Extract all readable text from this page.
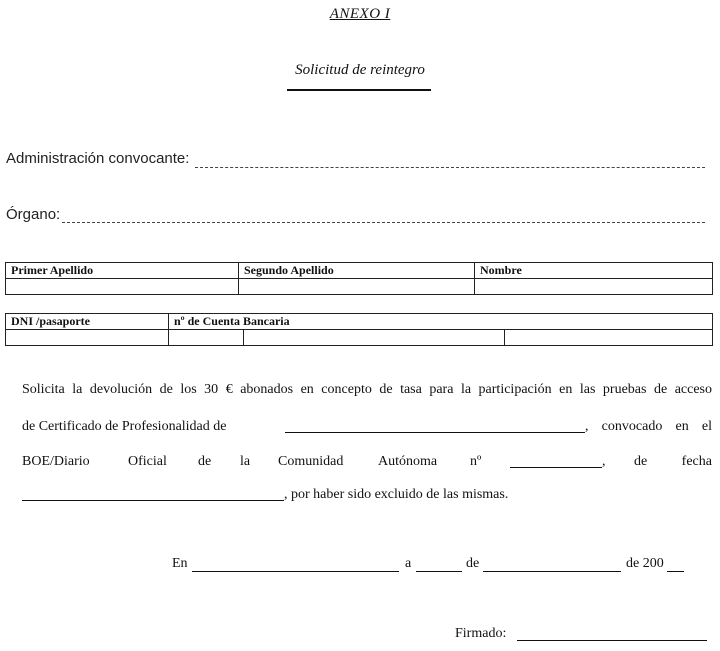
ANEXO I
Solicitud de reintegro
Administración convocante:
Órgano:
Primer Apellido	Segundo Apellido	Nombre

DNI /pasaporte	nº de Cuenta Bancaria		

Solicita la devolución de los 30 € abonados en concepto de tasa para la participación en las pruebas de acceso
de Certificado de Profesionalidad de	, convocado en el
BOE/Diario	Oficial de la Comunidad Autónoma nº	, de fecha
, por haber sido excluido de las mismas.
En	a	de	de 200
Firmado:
